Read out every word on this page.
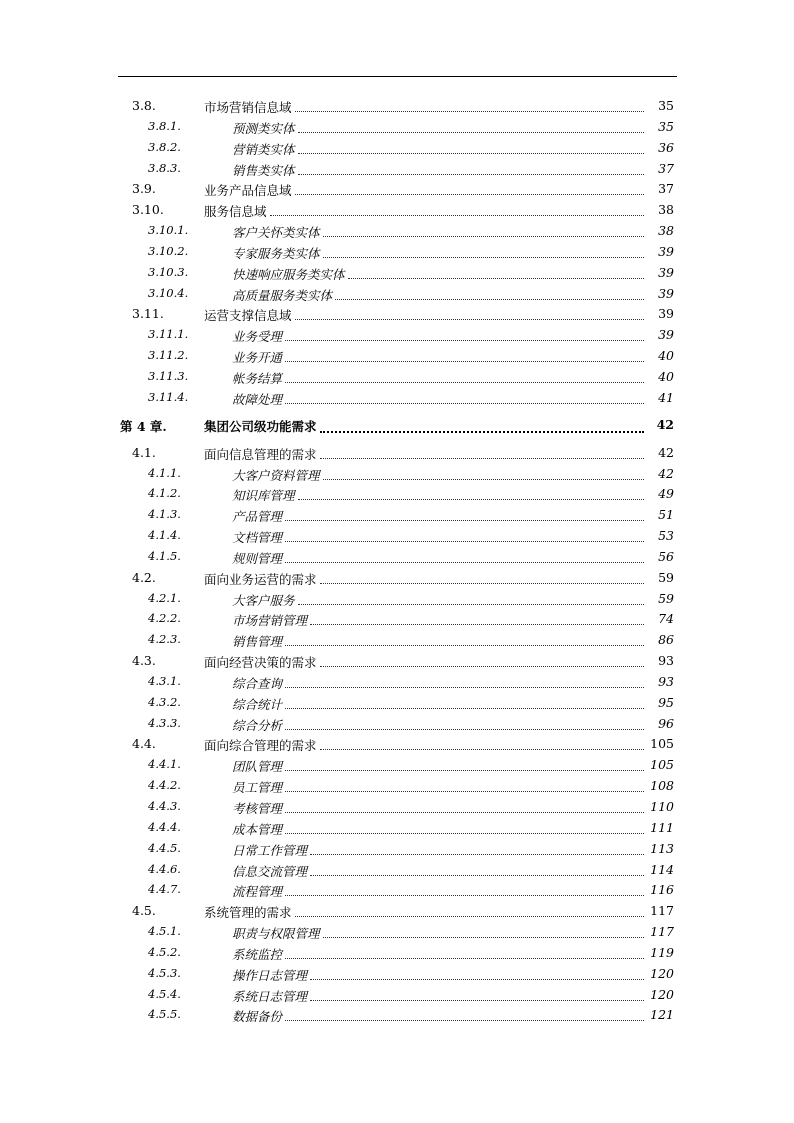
3.8.	市场营销信息域	35
3.8.1.	预测类实体	35
3.8.2.	营销类实体	36
3.8.3.	销售类实体	37
3.9.	业务产品信息域	37
3.10.	服务信息域	38
3.10.1.	客户关怀类实体	38
3.10.2.	专家服务类实体	39
3.10.3.	快速响应服务类实体	39
3.10.4.	高质量服务类实体	39
3.11.	运营支撑信息域	39
3.11.1.	业务受理	39
3.11.2.	业务开通	40
3.11.3.	帐务结算	40
3.11.4.	故障处理	41
第 4 章.	集团公司级功能需求	42
4.1.	面向信息管理的需求	42
4.1.1.	大客户资料管理	42
4.1.2.	知识库管理	49
4.1.3.	产品管理	51
4.1.4.	文档管理	53
4.1.5.	规则管理	56
4.2.	面向业务运营的需求	59
4.2.1.	大客户服务	59
4.2.2.	市场营销管理	74
4.2.3.	销售管理	86
4.3.	面向经营决策的需求	93
4.3.1.	综合查询	93
4.3.2.	综合统计	95
4.3.3.	综合分析	96
4.4.	面向综合管理的需求	105
4.4.1.	团队管理	105
4.4.2.	员工管理	108
4.4.3.	考核管理	110
4.4.4.	成本管理	111
4.4.5.	日常工作管理	113
4.4.6.	信息交流管理	114
4.4.7.	流程管理	116
4.5.	系统管理的需求	117
4.5.1.	职责与权限管理	117
4.5.2.	系统监控	119
4.5.3.	操作日志管理	120
4.5.4.	系统日志管理	120
4.5.5.	数据备份	121
